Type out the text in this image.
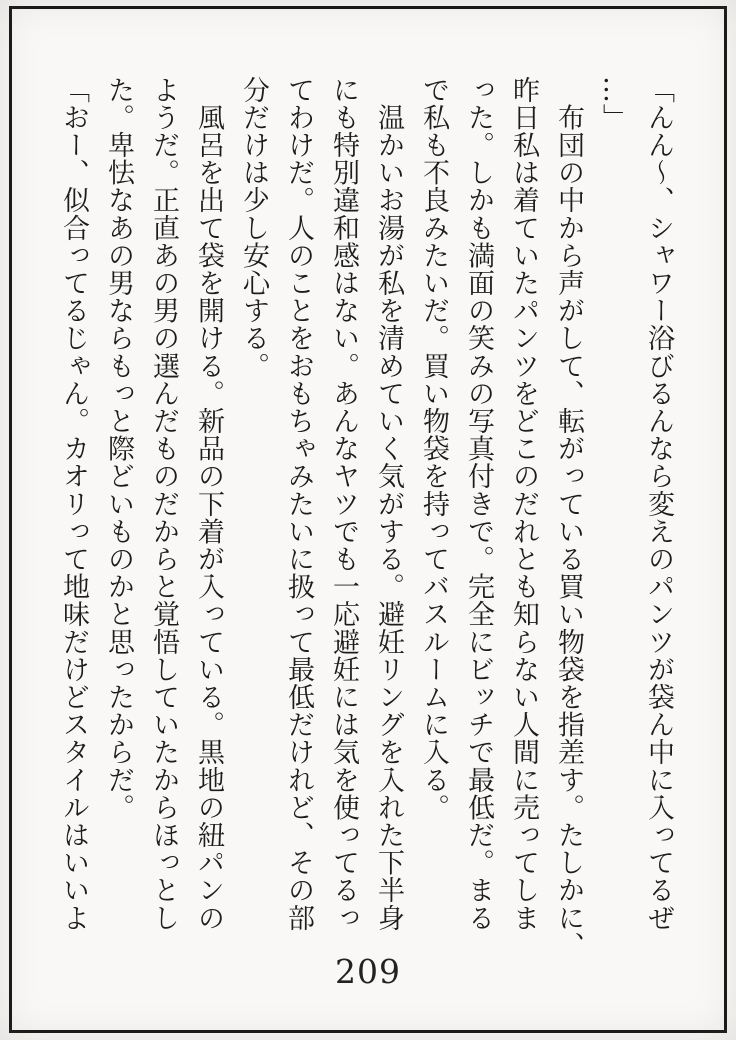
「んん～、シャワー浴びるんなら変えのパンツが袋ん中に入ってるぜ
…」
　布団の中から声がして、転がっている買い物袋を指差す。たしかに、
昨日私は着ていたパンツをどこのだれとも知らない人間に売ってしま
った。しかも満面の笑みの写真付きで。完全にビッチで最低だ。まる
で私も不良みたいだ。買い物袋を持ってバスルームに入る。
　温かいお湯が私を清めていく気がする。避妊リングを入れた下半身
にも特別違和感はない。あんなヤツでも一応避妊には気を使ってるっ
てわけだ。人のことをおもちゃみたいに扱って最低だけれど、その部
分だけは少し安心する。
　風呂を出て袋を開ける。新品の下着が入っている。黒地の紐パンの
ようだ。正直あの男の選んだものだからと覚悟していたからほっとし
た。卑怯なあの男ならもっと際どいものかと思ったからだ。
「おー、似合ってるじゃん。カオリって地味だけどスタイルはいいよ
209
